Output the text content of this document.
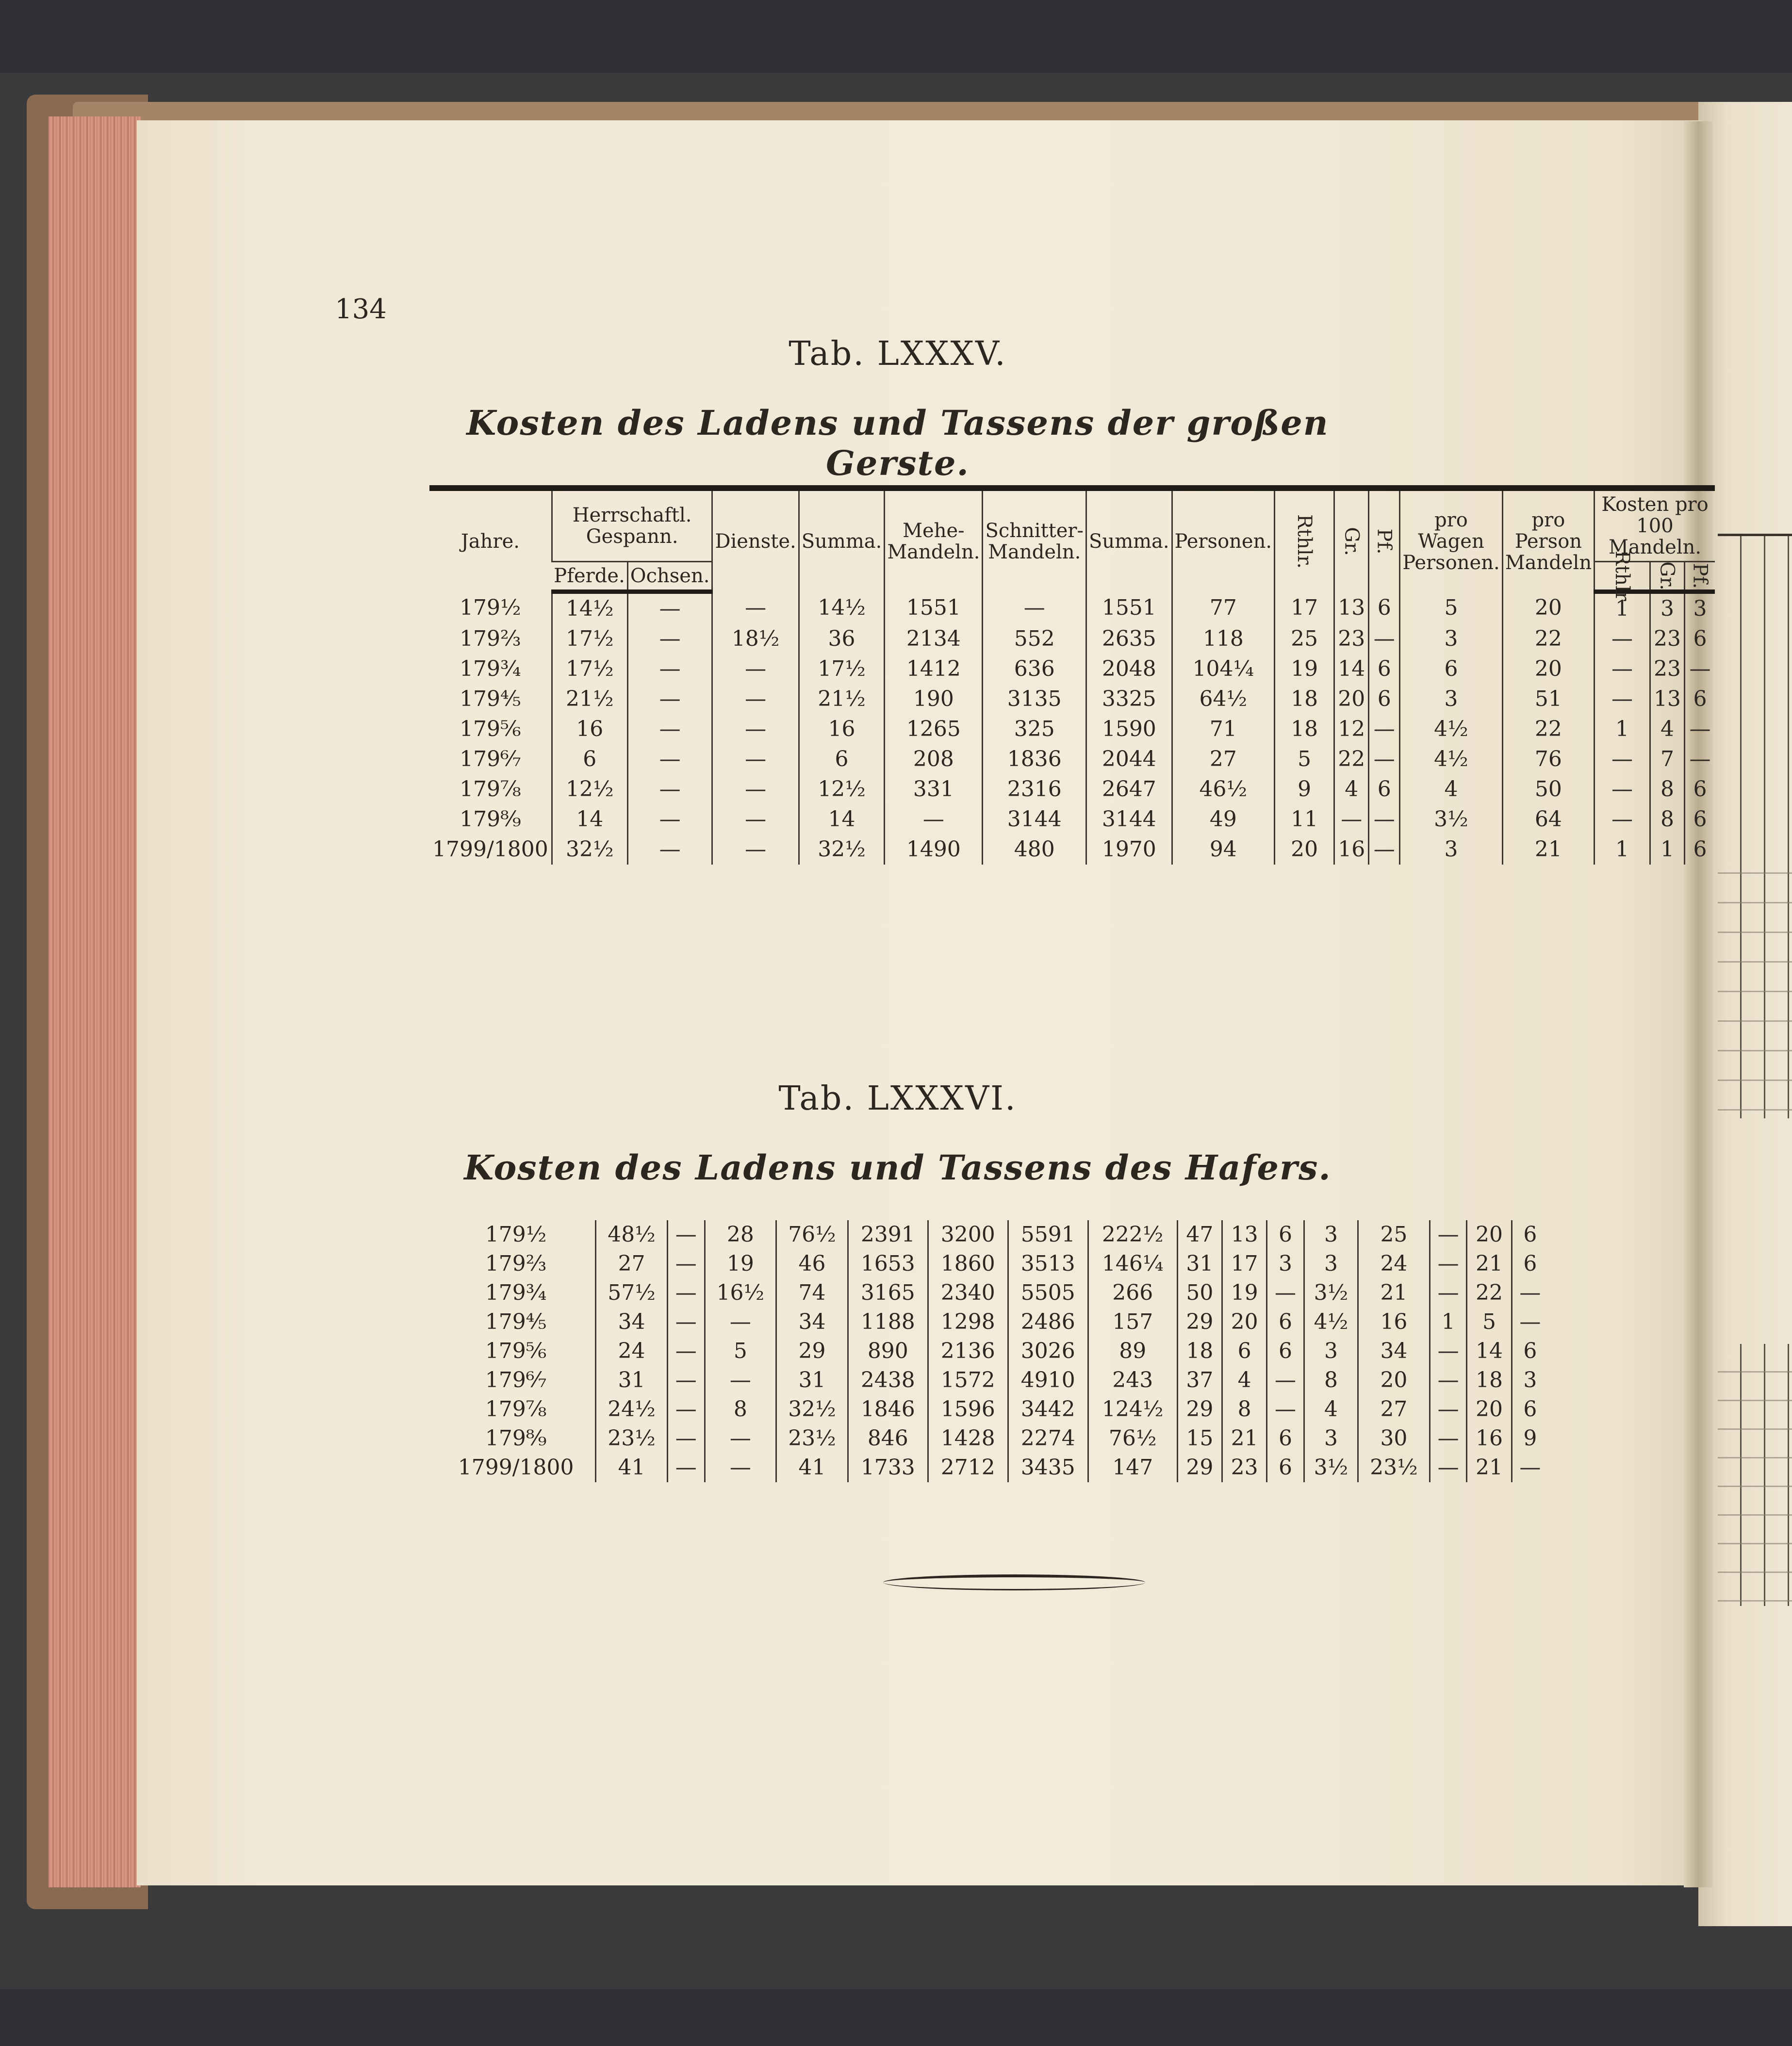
134
Tab. LXXXV.
Kosten des Ladens und Tassens der großen Gerste.
Jahre.	Herrschaftl. Gespann.		Dienste.	Summa.	Mehe-Mandeln.	Schnitter-Mandeln.	Summa.	Personen.	Rthlr.	Gr.	Pf.	pro Wagen Personen.	pro Person Mandeln	Kosten pro 100 Mandeln.		
	Pferde.	Ochsen.												Rthlr	Gr.	Pf.
179½	14½	—	—	14½	1551	—	1551	77	17	13	6	5	20	1	3	3
179⅔	17½	—	18½	36	2134	552	2635	118	25	23	—	3	22	—	23	6
179¾	17½	—	—	17½	1412	636	2048	104¼	19	14	6	6	20	—	23	—
179⅘	21½	—	—	21½	190	3135	3325	64½	18	20	6	3	51	—	13	6
179⅚	16	—	—	16	1265	325	1590	71	18	12	—	4½	22	1	4	—
179⁶⁄₇	6	—	—	6	208	1836	2044	27	5	22	—	4½	76	—	7	—
179⅞	12½	—	—	12½	331	2316	2647	46½	9	4	6	4	50	—	8	6
179⁸⁄₉	14	—	—	14	—	3144	3144	49	11	—	—	3½	64	—	8	6
1799/1800	32½	—	—	32½	1490	480	1970	94	20	16	—	3	21	1	1	6
Tab. LXXXVI.
Kosten des Ladens und Tassens des Hafers.
179½	48½	—	28	76½	2391	3200	5591	222½	47	13	6	3	25	—	20	6
179⅔	27	—	19	46	1653	1860	3513	146¼	31	17	3	3	24	—	21	6
179¾	57½	—	16½	74	3165	2340	5505	266	50	19	—	3½	21	—	22	—
179⅘	34	—	—	34	1188	1298	2486	157	29	20	6	4½	16	1	5	—
179⅚	24	—	5	29	890	2136	3026	89	18	6	6	3	34	—	14	6
179⁶⁄₇	31	—	—	31	2438	1572	4910	243	37	4	—	8	20	—	18	3
179⅞	24½	—	8	32½	1846	1596	3442	124½	29	8	—	4	27	—	20	6
179⁸⁄₉	23½	—	—	23½	846	1428	2274	76½	15	21	6	3	30	—	16	9
1799/1800	41	—	—	41	1733	2712	3435	147	29	23	6	3½	23½	—	21	—
